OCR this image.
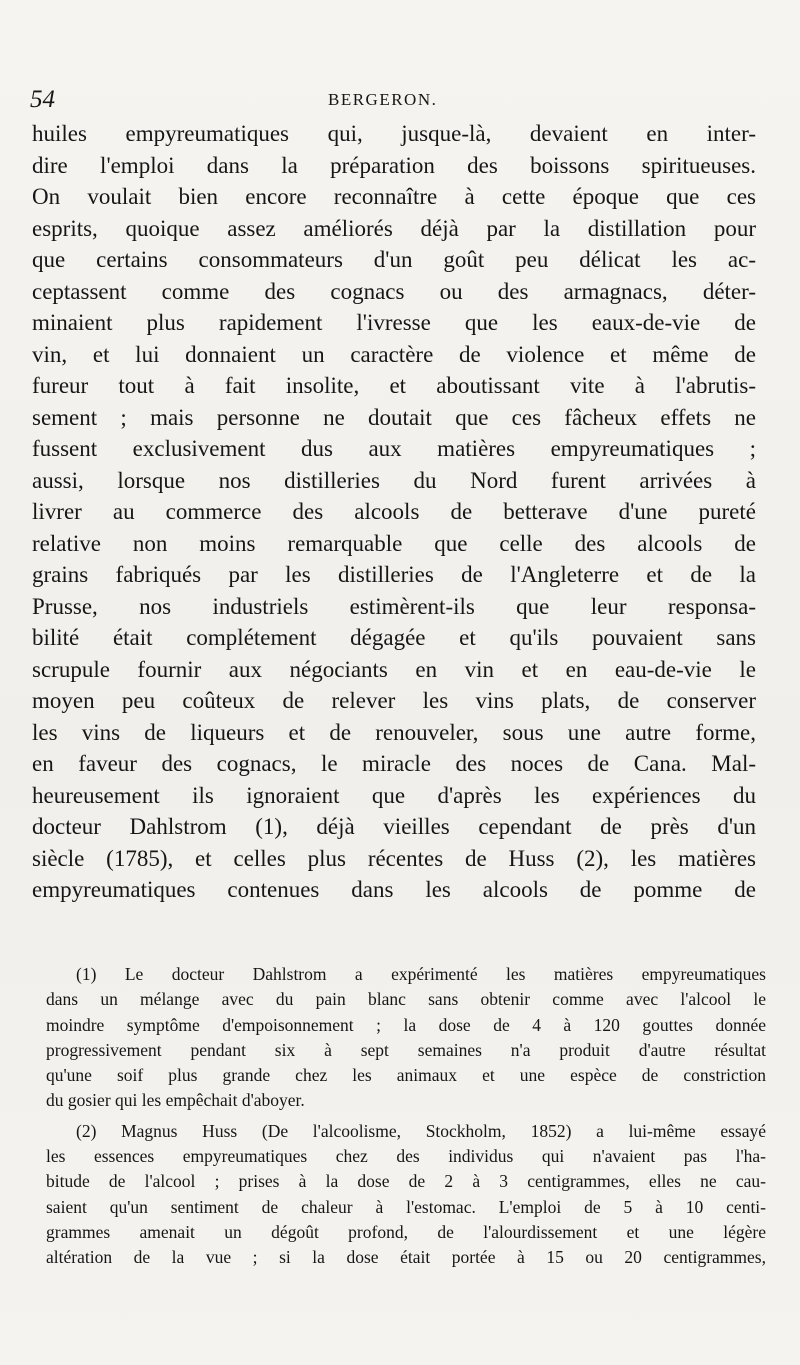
54	BERGERON.
huiles empyreumatiques qui, jusque-là, devaient en inter-
dire l'emploi dans la préparation des boissons spiritueuses.
On voulait bien encore reconnaître à cette époque que ces
esprits, quoique assez améliorés déjà par la distillation pour
que certains consommateurs d'un goût peu délicat les ac-
ceptassent comme des cognacs ou des armagnacs, déter-
minaient plus rapidement l'ivresse que les eaux-de-vie de
vin, et lui donnaient un caractère de violence et même de
fureur tout à fait insolite, et aboutissant vite à l'abrutis-
sement ; mais personne ne doutait que ces fâcheux effets ne
fussent exclusivement dus aux matières empyreumatiques ;
aussi, lorsque nos distilleries du Nord furent arrivées à
livrer au commerce des alcools de betterave d'une pureté
relative non moins remarquable que celle des alcools de
grains fabriqués par les distilleries de l'Angleterre et de la
Prusse, nos industriels estimèrent-ils que leur responsa-
bilité était complétement dégagée et qu'ils pouvaient sans
scrupule fournir aux négociants en vin et en eau-de-vie le
moyen peu coûteux de relever les vins plats, de conserver
les vins de liqueurs et de renouveler, sous une autre forme,
en faveur des cognacs, le miracle des noces de Cana. Mal-
heureusement ils ignoraient que d'après les expériences du
docteur Dahlstrom (1), déjà vieilles cependant de près d'un
siècle (1785), et celles plus récentes de Huss (2), les matières
empyreumatiques contenues dans les alcools de pomme de
(1) Le docteur Dahlstrom a expérimenté les matières empyreumatiques
dans un mélange avec du pain blanc sans obtenir comme avec l'alcool le
moindre symptôme d'empoisonnement ; la dose de 4 à 120 gouttes donnée
progressivement pendant six à sept semaines n'a produit d'autre résultat
qu'une soif plus grande chez les animaux et une espèce de constriction
du gosier qui les empêchait d'aboyer.
(2) Magnus Huss (De l'alcoolisme, Stockholm, 1852) a lui-même essayé
les essences empyreumatiques chez des individus qui n'avaient pas l'ha-
bitude de l'alcool ; prises à la dose de 2 à 3 centigrammes, elles ne cau-
saient qu'un sentiment de chaleur à l'estomac. L'emploi de 5 à 10 centi-
grammes amenait un dégoût profond, de l'alourdissement et une légère
altération de la vue ; si la dose était portée à 15 ou 20 centigrammes,
